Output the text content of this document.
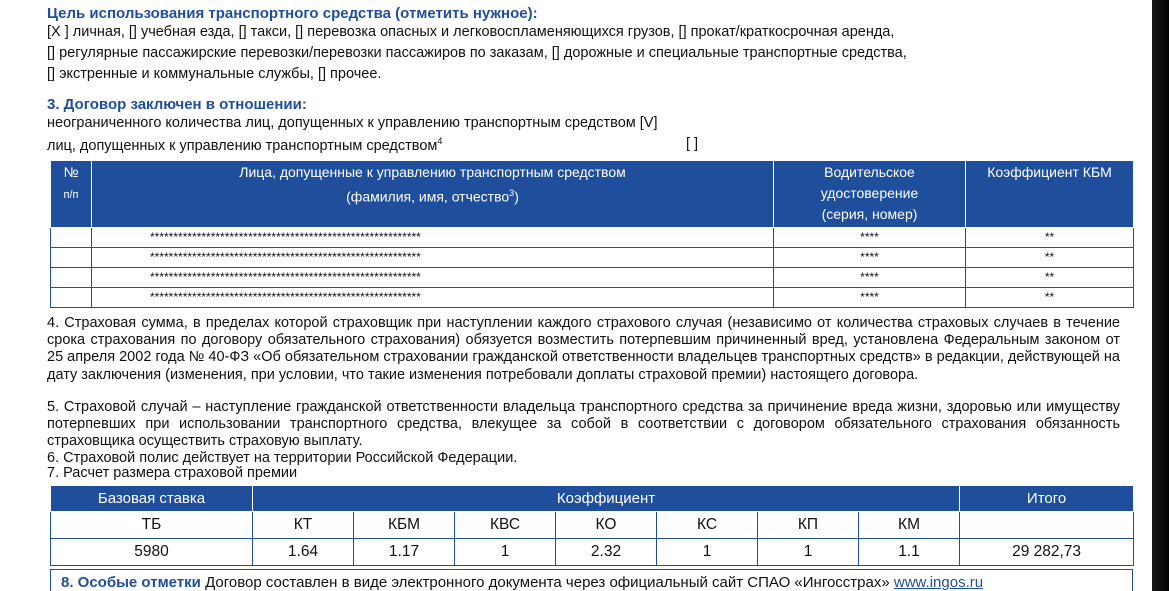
Цель использования транспортного средства (отметить нужное):
[X ] личная, [] учебная езда, [] такси, [] перевозка опасных и легковоспламеняющихся грузов, [] прокат/краткосрочная аренда,
[] регулярные пассажирские перевозки/перевозки пассажиров по заказам, [] дорожные и специальные транспортные средства,
[] экстренные и коммунальные службы, [] прочее.
3. Договор заключен в отношении:
неограниченного количества лиц, допущенных к управлению транспортным средством [V]
лиц, допущенных к управлению транспортным средством$^4$	[ ]
№
п/п	Лица, допущенные к управлению транспортным средством
(фамилия, имя, отчество$^3$)	Водительское
удостоверение
(серия, номер)	Коэффициент КБМ
	**********************************************************	****	**
	**********************************************************	****	**
	**********************************************************	****	**
	**********************************************************	****	**
4. Страховая сумма, в пределах которой страховщик при наступлении каждого страхового случая (независимо от количества страховых случаев в течение срока страхования по договору обязательного страхования) обязуется возместить потерпевшим причиненный вред, установлена Федеральным законом от 25 апреля 2002 года № 40-ФЗ «Об обязательном страховании гражданской ответственности владельцев транспортных средств» в редакции, действующей на дату заключения (изменения, при условии, что такие изменения потребовали доплаты страховой премии) настоящего договора.
5. Страховой случай – наступление гражданской ответственности владельца транспортного средства за причинение вреда жизни, здоровью или имуществу потерпевших при использовании транспортного средства, влекущее за собой в соответствии с договором обязательного страхования обязанность страховщика осуществить страховую выплату.
6. Страховой полис действует на территории Российской Федерации.
7. Расчет размера страховой премии
Базовая ставка	Коэффициент							Итого
ТБ	КТ	КБМ	КВС	КО	КС	КП	КМ	
5980	1.64	1.17	1	2.32	1	1	1.1	29 282,73
8. Особые отметки Договор составлен в виде электронного документа через официальный сайт СПАО «Ингосстрах» www.ingos.ru
